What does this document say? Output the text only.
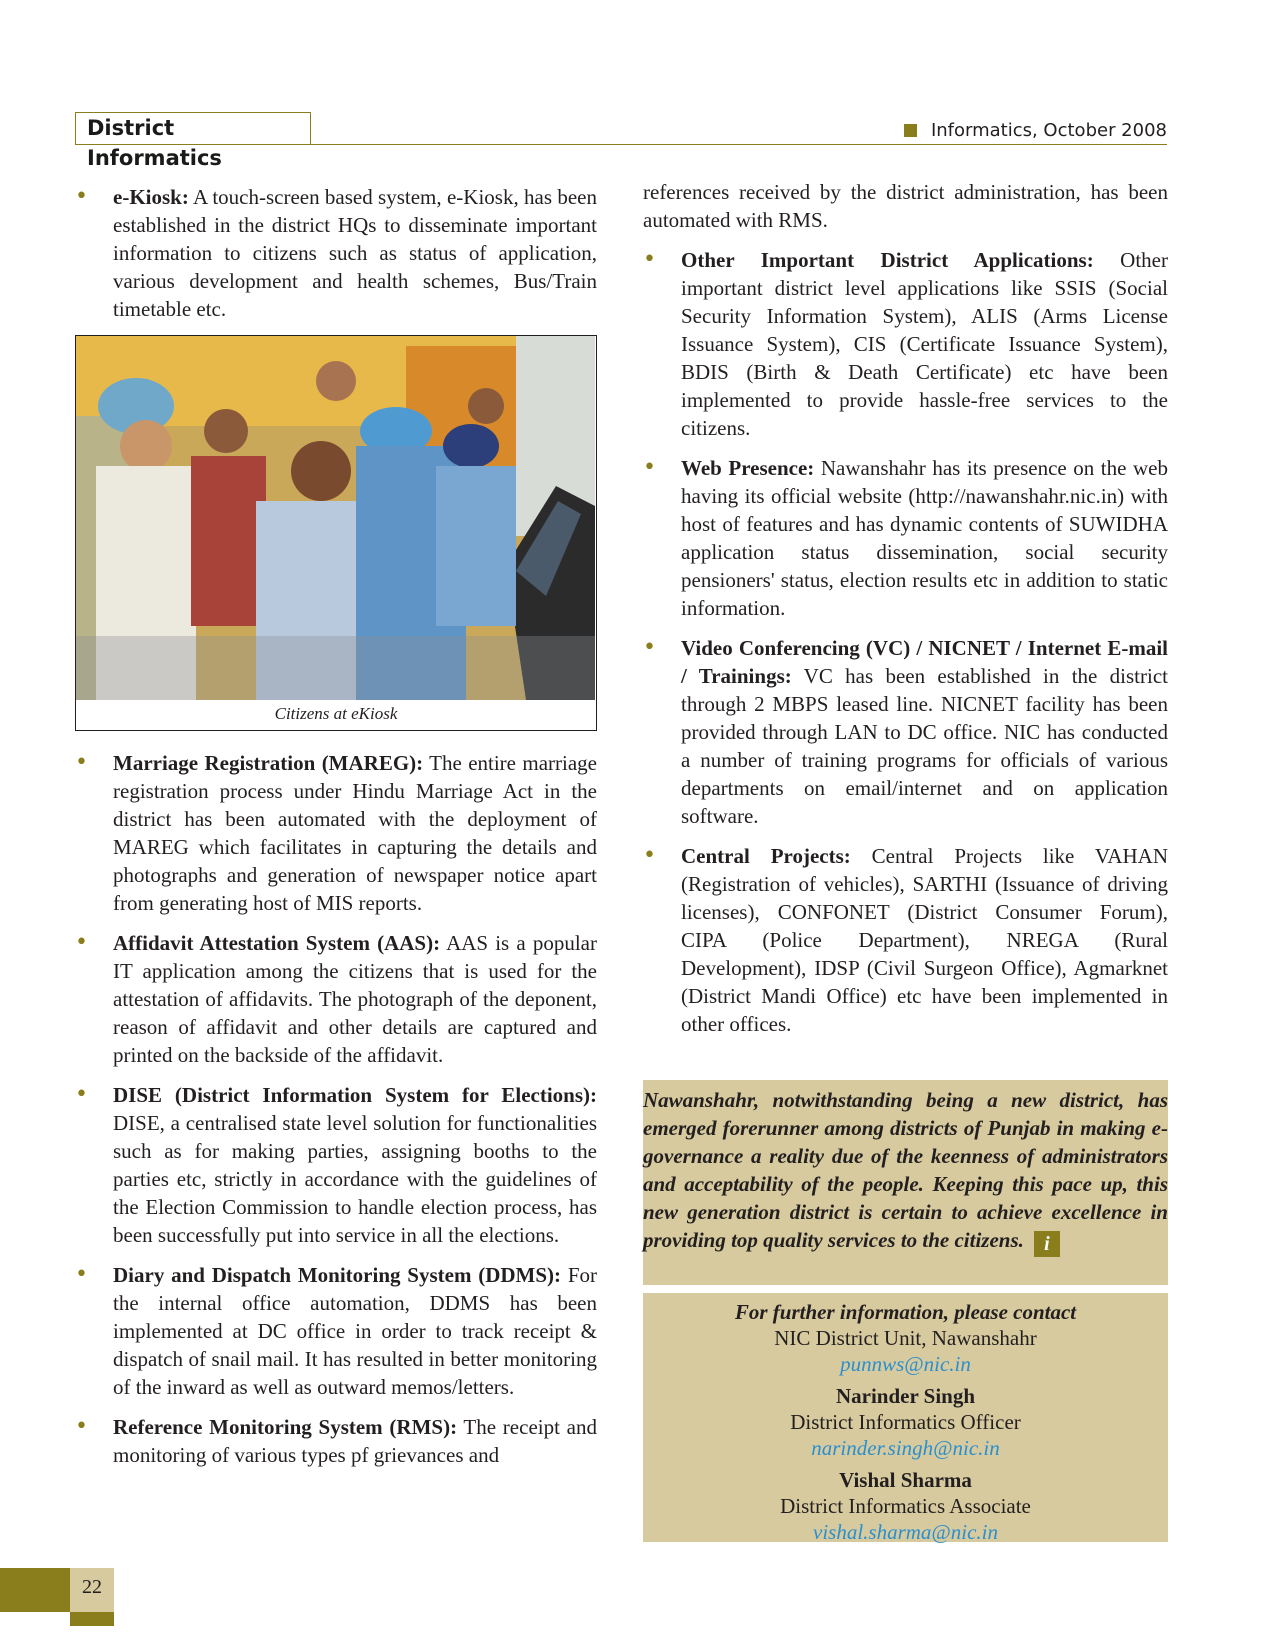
District Informatics
Informatics, October 2008
• e-Kiosk: A touch-screen based system, e-Kiosk, has been established in the district HQs to disseminate important information to citizens such as status of application, various development and health schemes, Bus/Train timetable etc.
Citizens at eKiosk
• Marriage Registration (MAREG): The entire marriage registration process under Hindu Marriage Act in the district has been automated with the deployment of MAREG which facilitates in capturing the details and photographs and generation of newspaper notice apart from generating host of MIS reports.
• Affidavit Attestation System (AAS): AAS is a popular IT application among the citizens that is used for the attestation of affidavits. The photograph of the deponent, reason of affidavit and other details are captured and printed on the backside of the affidavit.
• DISE (District Information System for Elections): DISE, a centralised state level solution for functionalities such as for making parties, assigning booths to the parties etc, strictly in accordance with the guidelines of the Election Commission to handle election process, has been successfully put into service in all the elections.
• Diary and Dispatch Monitoring System (DDMS): For the internal office automation, DDMS has been implemented at DC office in order to track receipt & dispatch of snail mail. It has resulted in better monitoring of the inward as well as outward memos/letters.
• Reference Monitoring System (RMS): The receipt and monitoring of various types pf grievances and

references received by the district administration, has been automated with RMS.

• Other Important District Applications: Other important district level applications like SSIS (Social Security Information System), ALIS (Arms License Issuance System), CIS (Certificate Issuance System), BDIS (Birth & Death Certificate) etc have been implemented to provide hassle-free services to the citizens.
• Web Presence: Nawanshahr has its presence on the web having its official website (http://nawanshahr.nic.in) with host of features and has dynamic contents of SUWIDHA application status dissemination, social security pensioners' status, election results etc in addition to static information.
• Video Conferencing (VC) / NICNET / Internet E-mail / Trainings: VC has been established in the district through 2 MBPS leased line. NICNET facility has been provided through LAN to DC office. NIC has conducted a number of training programs for officials of various departments on email/internet and on application software.
• Central Projects: Central Projects like VAHAN (Registration of vehicles), SARTHI (Issuance of driving licenses), CONFONET (District Consumer Forum), CIPA (Police Department), NREGA (Rural Development), IDSP (Civil Surgeon Office), Agmarknet (District Mandi Office) etc have been implemented in other offices.

Nawanshahr, notwithstanding being a new district, has emerged forerunner among districts of Punjab in making e-governance a reality due of the keenness of administrators and acceptability of the people. Keeping this pace up, this new generation district is certain to achieve excellence in providing top quality services to the citizens. i

For further information, please contact
NIC District Unit, Nawanshahr
punnws@nic.in
Narinder Singh
District Informatics Officer
narinder.singh@nic.in
Vishal Sharma
District Informatics Associate
vishal.sharma@nic.in
22
